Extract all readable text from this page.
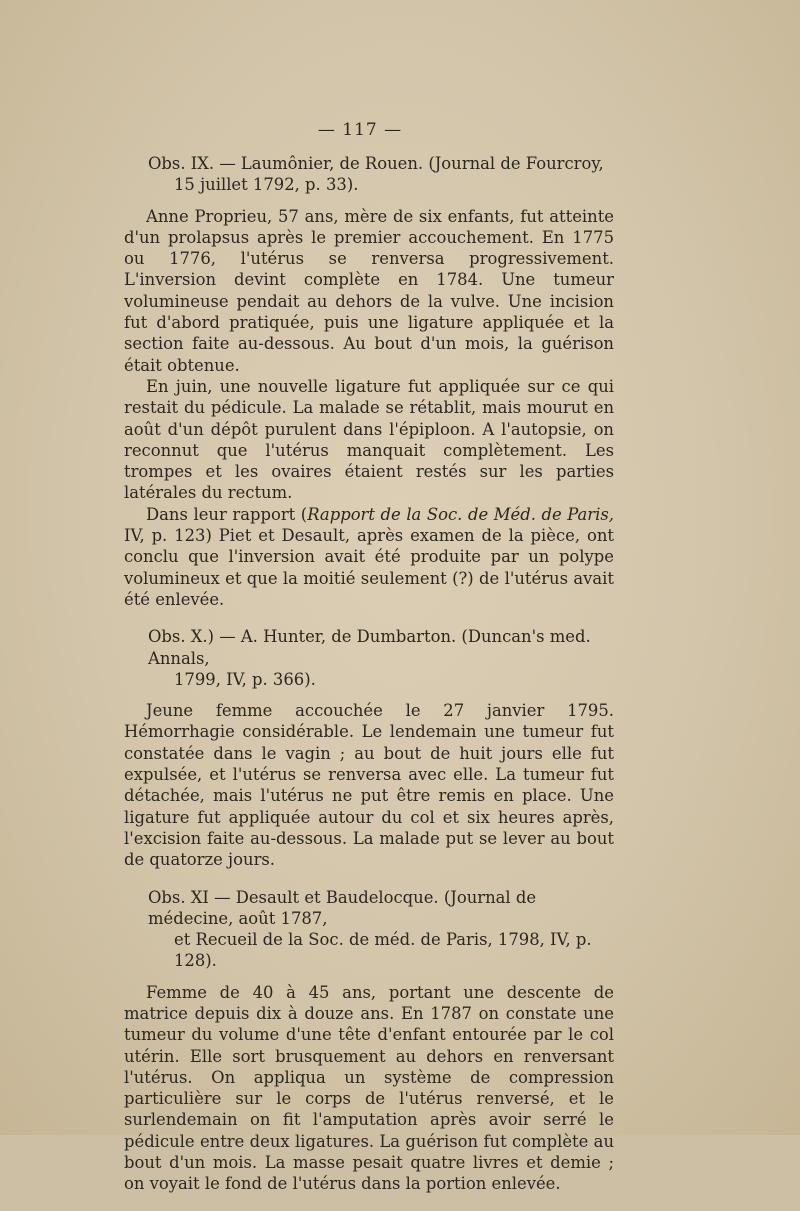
— 117 —
Obs. IX. — Laumônier, de Rouen. (Journal de Fourcroy,
15 juillet 1792, p. 33).

Anne Proprieu, 57 ans, mère de six enfants, fut atteinte d'un prolapsus après le premier accouchement. En 1775 ou 1776, l'utérus se renversa progressivement. L'inversion devint complète en 1784. Une tumeur volumineuse pendait au dehors de la vulve. Une incision fut d'abord pratiquée, puis une ligature appliquée et la section faite au-dessous. Au bout d'un mois, la guérison était obtenue.

En juin, une nouvelle ligature fut appliquée sur ce qui restait du pédicule. La malade se rétablit, mais mourut en août d'un dépôt purulent dans l'épiploon. A l'autopsie, on reconnut que l'utérus manquait complètement. Les trompes et les ovaires étaient restés sur les parties latérales du rectum.

Dans leur rapport (Rapport de la Soc. de Méd. de Paris, IV, p. 123) Piet et Desault, après examen de la pièce, ont conclu que l'inversion avait été produite par un polype volumineux et que la moitié seulement (?) de l'utérus avait été enlevée.

Obs. X.) — A. Hunter, de Dumbarton. (Duncan's med. Annals,
1799, IV, p. 366).

Jeune femme accouchée le 27 janvier 1795. Hémorrhagie considérable. Le lendemain une tumeur fut constatée dans le vagin ; au bout de huit jours elle fut expulsée, et l'utérus se renversa avec elle. La tumeur fut détachée, mais l'utérus ne put être remis en place. Une ligature fut appliquée autour du col et six heures après, l'excision faite au-dessous. La malade put se lever au bout de quatorze jours.

Obs. XI — Desault et Baudelocque. (Journal de médecine, août 1787,
et Recueil de la Soc. de méd. de Paris, 1798, IV, p. 128).

Femme de 40 à 45 ans, portant une descente de matrice depuis dix à douze ans. En 1787 on constate une tumeur du volume d'une tête d'enfant entourée par le col utérin. Elle sort brusquement au dehors en renversant l'utérus. On appliqua un système de compression particulière sur le corps de l'utérus renversé, et le surlendemain on fit l'amputation après avoir serré le pédicule entre deux ligatures. La guérison fut complète au bout d'un mois. La masse pesait quatre livres et demie ; on voyait le fond de l'utérus dans la portion enlevée.
